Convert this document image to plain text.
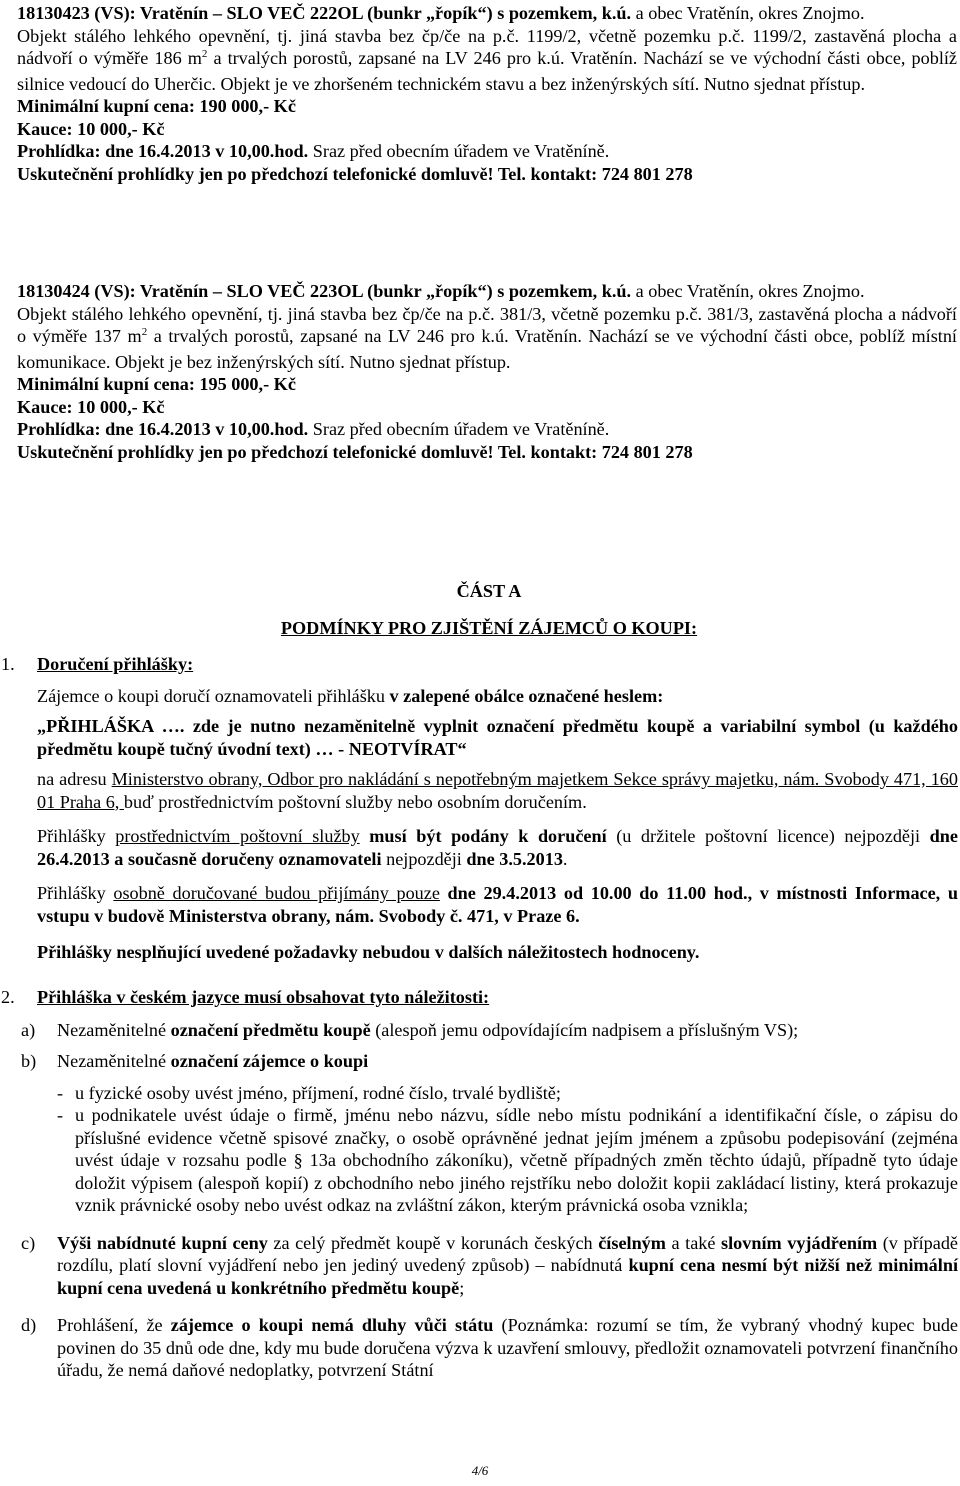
18130423 (VS): Vratěnín – SLO VEČ 222OL (bunkr „řopík“) s pozemkem, k.ú. a obec Vratěnín, okres Znojmo.

Objekt stálého lehkého opevnění, tj. jiná stavba bez čp/če na p.č. 1199/2, včetně pozemku p.č. 1199/2, zastavěná plocha a nádvoří o výměře 186 $m^2$ a trvalých porostů, zapsané na LV 246 pro k.ú. Vratěnín. Nachází se ve východní části obce, poblíž silnice vedoucí do Uherčic. Objekt je ve zhoršeném technickém stavu a bez inženýrských sítí. Nutno sjednat přístup.

Minimální kupní cena: 190 000,- Kč

Kauce: 10 000,- Kč

Prohlídka: dne 16.4.2013 v 10,00.hod. Sraz před obecním úřadem ve Vratěníně.

Uskutečnění prohlídky jen po předchozí telefonické domluvě! Tel. kontakt: 724 801 278

18130424 (VS): Vratěnín – SLO VEČ 223OL (bunkr „řopík“) s pozemkem, k.ú. a obec Vratěnín, okres Znojmo.

Objekt stálého lehkého opevnění, tj. jiná stavba bez čp/če na p.č. 381/3, včetně pozemku p.č. 381/3, zastavěná plocha a nádvoří o výměře 137 $m^2$ a trvalých porostů, zapsané na LV 246 pro k.ú. Vratěnín. Nachází se ve východní části obce, poblíž místní komunikace. Objekt je bez inženýrských sítí. Nutno sjednat přístup.

Minimální kupní cena: 195 000,- Kč

Kauce: 10 000,- Kč

Prohlídka: dne 16.4.2013 v 10,00.hod. Sraz před obecním úřadem ve Vratěníně.

Uskutečnění prohlídky jen po předchozí telefonické domluvě! Tel. kontakt: 724 801 278

ČÁST A

PODMÍNKY PRO ZJIŠTĚNÍ ZÁJEMCŮ O KOUPI:

1. Doručení přihlášky:

Zájemce o koupi doručí oznamovateli přihlášku v zalepené obálce označené heslem:

„PŘIHLÁŠKA …. zde je nutno nezaměnitelně vyplnit označení předmětu koupě a variabilní symbol (u každého předmětu koupě tučný úvodní text) … - NEOTVÍRAT“

na adresu Ministerstvo obrany, Odbor pro nakládání s nepotřebným majetkem Sekce správy majetku, nám. Svobody 471, 160 01 Praha 6, buď prostřednictvím poštovní služby nebo osobním doručením.

Přihlášky prostřednictvím poštovní služby musí být podány k doručení (u držitele poštovní licence) nejpozději dne 26.4.2013 a současně doručeny oznamovateli nejpozději dne 3.5.2013.

Přihlášky osobně doručované budou přijímány pouze dne 29.4.2013 od 10.00 do 11.00 hod., v místnosti Informace, u vstupu v budově Ministerstva obrany, nám. Svobody č. 471, v Praze 6.

Přihlášky nesplňující uvedené požadavky nebudou v dalších náležitostech hodnoceny.

2. Přihláška v českém jazyce musí obsahovat tyto náležitosti:

a) Nezaměnitelné označení předmětu koupě (alespoň jemu odpovídajícím nadpisem a příslušným VS);

b) Nezaměnitelné označení zájemce o koupi

- u fyzické osoby uvést jméno, příjmení, rodné číslo, trvalé bydliště;

- u podnikatele uvést údaje o firmě, jménu nebo názvu, sídle nebo místu podnikání a identifikační čísle, o zápisu do příslušné evidence včetně spisové značky, o osobě oprávněné jednat jejím jménem a způsobu podepisování (zejména uvést údaje v rozsahu podle § 13a obchodního zákoníku), včetně případných změn těchto údajů, případně tyto údaje doložit výpisem (alespoň kopií) z obchodního nebo jiného rejstříku nebo doložit kopii zakládací listiny, která prokazuje vznik právnické osoby nebo uvést odkaz na zvláštní zákon, kterým právnická osoba vznikla;

c) Výši nabídnuté kupní ceny za celý předmět koupě v korunách českých číselným a také slovním vyjádřením (v případě rozdílu, platí slovní vyjádření nebo jen jediný uvedený způsob) – nabídnutá kupní cena nesmí být nižší než minimální kupní cena uvedená u konkrétního předmětu koupě;

d) Prohlášení, že zájemce o koupi nemá dluhy vůči státu (Poznámka: rozumí se tím, že vybraný vhodný kupec bude povinen do 35 dnů ode dne, kdy mu bude doručena výzva k uzavření smlouvy, předložit oznamovateli potvrzení finančního úřadu, že nemá daňové nedoplatky, potvrzení Státní

4/6
